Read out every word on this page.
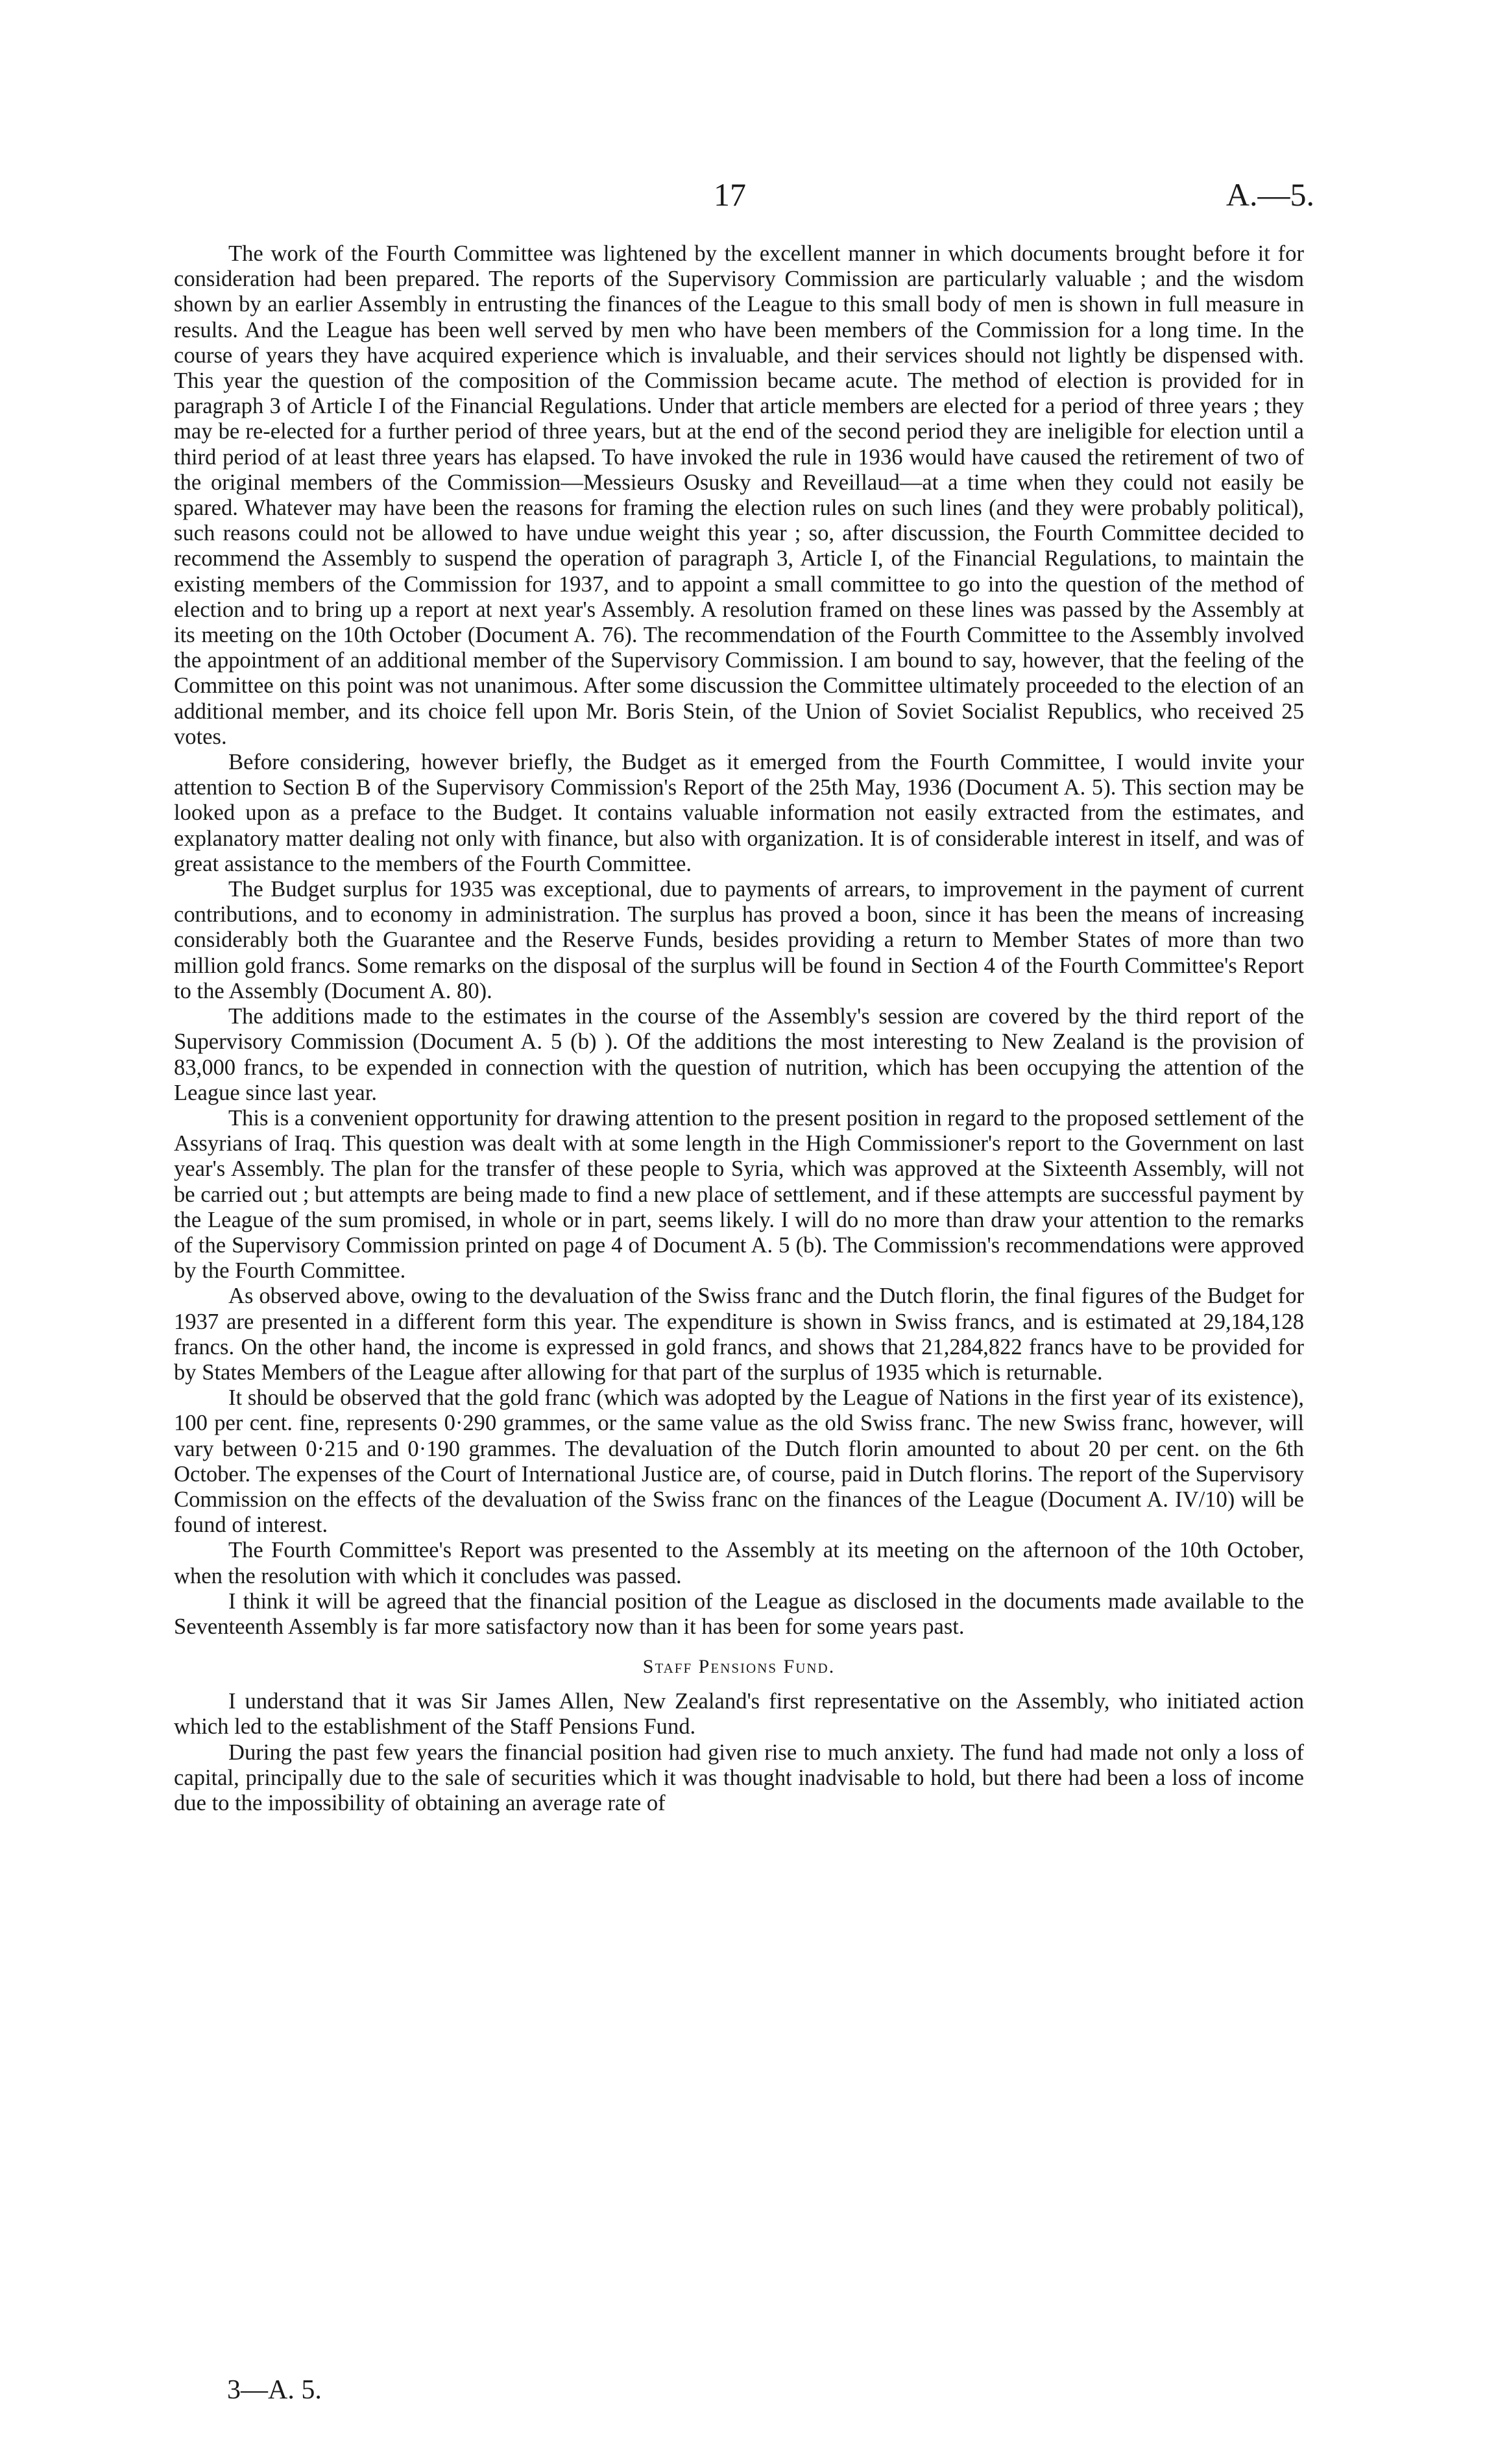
17	A.—5.

The work of the Fourth Committee was lightened by the excellent manner in which documents brought before it for consideration had been prepared. The reports of the Supervisory Commission are particularly valuable ; and the wisdom shown by an earlier Assembly in entrusting the finances of the League to this small body of men is shown in full measure in results. And the League has been well served by men who have been members of the Commission for a long time. In the course of years they have acquired experience which is invaluable, and their services should not lightly be dispensed with. This year the question of the composition of the Commission became acute. The method of election is provided for in paragraph 3 of Article I of the Financial Regulations. Under that article members are elected for a period of three years ; they may be re-elected for a further period of three years, but at the end of the second period they are ineligible for election until a third period of at least three years has elapsed. To have invoked the rule in 1936 would have caused the retirement of two of the original members of the Commission—Messieurs Osusky and Reveillaud—at a time when they could not easily be spared. Whatever may have been the reasons for framing the election rules on such lines (and they were probably political), such reasons could not be allowed to have undue weight this year ; so, after discussion, the Fourth Committee decided to recommend the Assembly to suspend the operation of paragraph 3, Article I, of the Financial Regulations, to maintain the existing members of the Commission for 1937, and to appoint a small committee to go into the question of the method of election and to bring up a report at next year's Assembly. A resolution framed on these lines was passed by the Assembly at its meeting on the 10th October (Document A. 76). The recommendation of the Fourth Committee to the Assembly involved the appointment of an additional member of the Supervisory Commission. I am bound to say, however, that the feeling of the Committee on this point was not unanimous. After some discussion the Committee ultimately proceeded to the election of an additional member, and its choice fell upon Mr. Boris Stein, of the Union of Soviet Socialist Republics, who received 25 votes.

Before considering, however briefly, the Budget as it emerged from the Fourth Committee, I would invite your attention to Section B of the Supervisory Commission's Report of the 25th May, 1936 (Document A. 5). This section may be looked upon as a preface to the Budget. It contains valuable information not easily extracted from the estimates, and explanatory matter dealing not only with finance, but also with organization. It is of considerable interest in itself, and was of great assistance to the members of the Fourth Committee.

The Budget surplus for 1935 was exceptional, due to payments of arrears, to improvement in the payment of current contributions, and to economy in administration. The surplus has proved a boon, since it has been the means of increasing considerably both the Guarantee and the Reserve Funds, besides providing a return to Member States of more than two million gold francs. Some remarks on the disposal of the surplus will be found in Section 4 of the Fourth Committee's Report to the Assembly (Document A. 80).

The additions made to the estimates in the course of the Assembly's session are covered by the third report of the Supervisory Commission (Document A. 5 (b) ). Of the additions the most interesting to New Zealand is the provision of 83,000 francs, to be expended in connection with the question of nutrition, which has been occupying the attention of the League since last year.

This is a convenient opportunity for drawing attention to the present position in regard to the proposed settlement of the Assyrians of Iraq. This question was dealt with at some length in the High Commissioner's report to the Government on last year's Assembly. The plan for the transfer of these people to Syria, which was approved at the Sixteenth Assembly, will not be carried out ; but attempts are being made to find a new place of settlement, and if these attempts are successful payment by the League of the sum promised, in whole or in part, seems likely. I will do no more than draw your attention to the remarks of the Supervisory Commission printed on page 4 of Document A. 5 (b). The Commission's recommendations were approved by the Fourth Committee.

As observed above, owing to the devaluation of the Swiss franc and the Dutch florin, the final figures of the Budget for 1937 are presented in a different form this year. The expenditure is shown in Swiss francs, and is estimated at 29,184,128 francs. On the other hand, the income is expressed in gold francs, and shows that 21,284,822 francs have to be provided for by States Members of the League after allowing for that part of the surplus of 1935 which is returnable.

It should be observed that the gold franc (which was adopted by the League of Nations in the first year of its existence), 100 per cent. fine, represents 0·290 grammes, or the same value as the old Swiss franc. The new Swiss franc, however, will vary between 0·215 and 0·190 grammes. The devaluation of the Dutch florin amounted to about 20 per cent. on the 6th October. The expenses of the Court of International Justice are, of course, paid in Dutch florins. The report of the Supervisory Commission on the effects of the devaluation of the Swiss franc on the finances of the League (Document A. IV/10) will be found of interest.

The Fourth Committee's Report was presented to the Assembly at its meeting on the afternoon of the 10th October, when the resolution with which it concludes was passed.

I think it will be agreed that the financial position of the League as disclosed in the documents made available to the Seventeenth Assembly is far more satisfactory now than it has been for some years past.

Staff Pensions Fund.

I understand that it was Sir James Allen, New Zealand's first representative on the Assembly, who initiated action which led to the establishment of the Staff Pensions Fund.

During the past few years the financial position had given rise to much anxiety. The fund had made not only a loss of capital, principally due to the sale of securities which it was thought inadvisable to hold, but there had been a loss of income due to the impossibility of obtaining an average rate of

3—A. 5.
